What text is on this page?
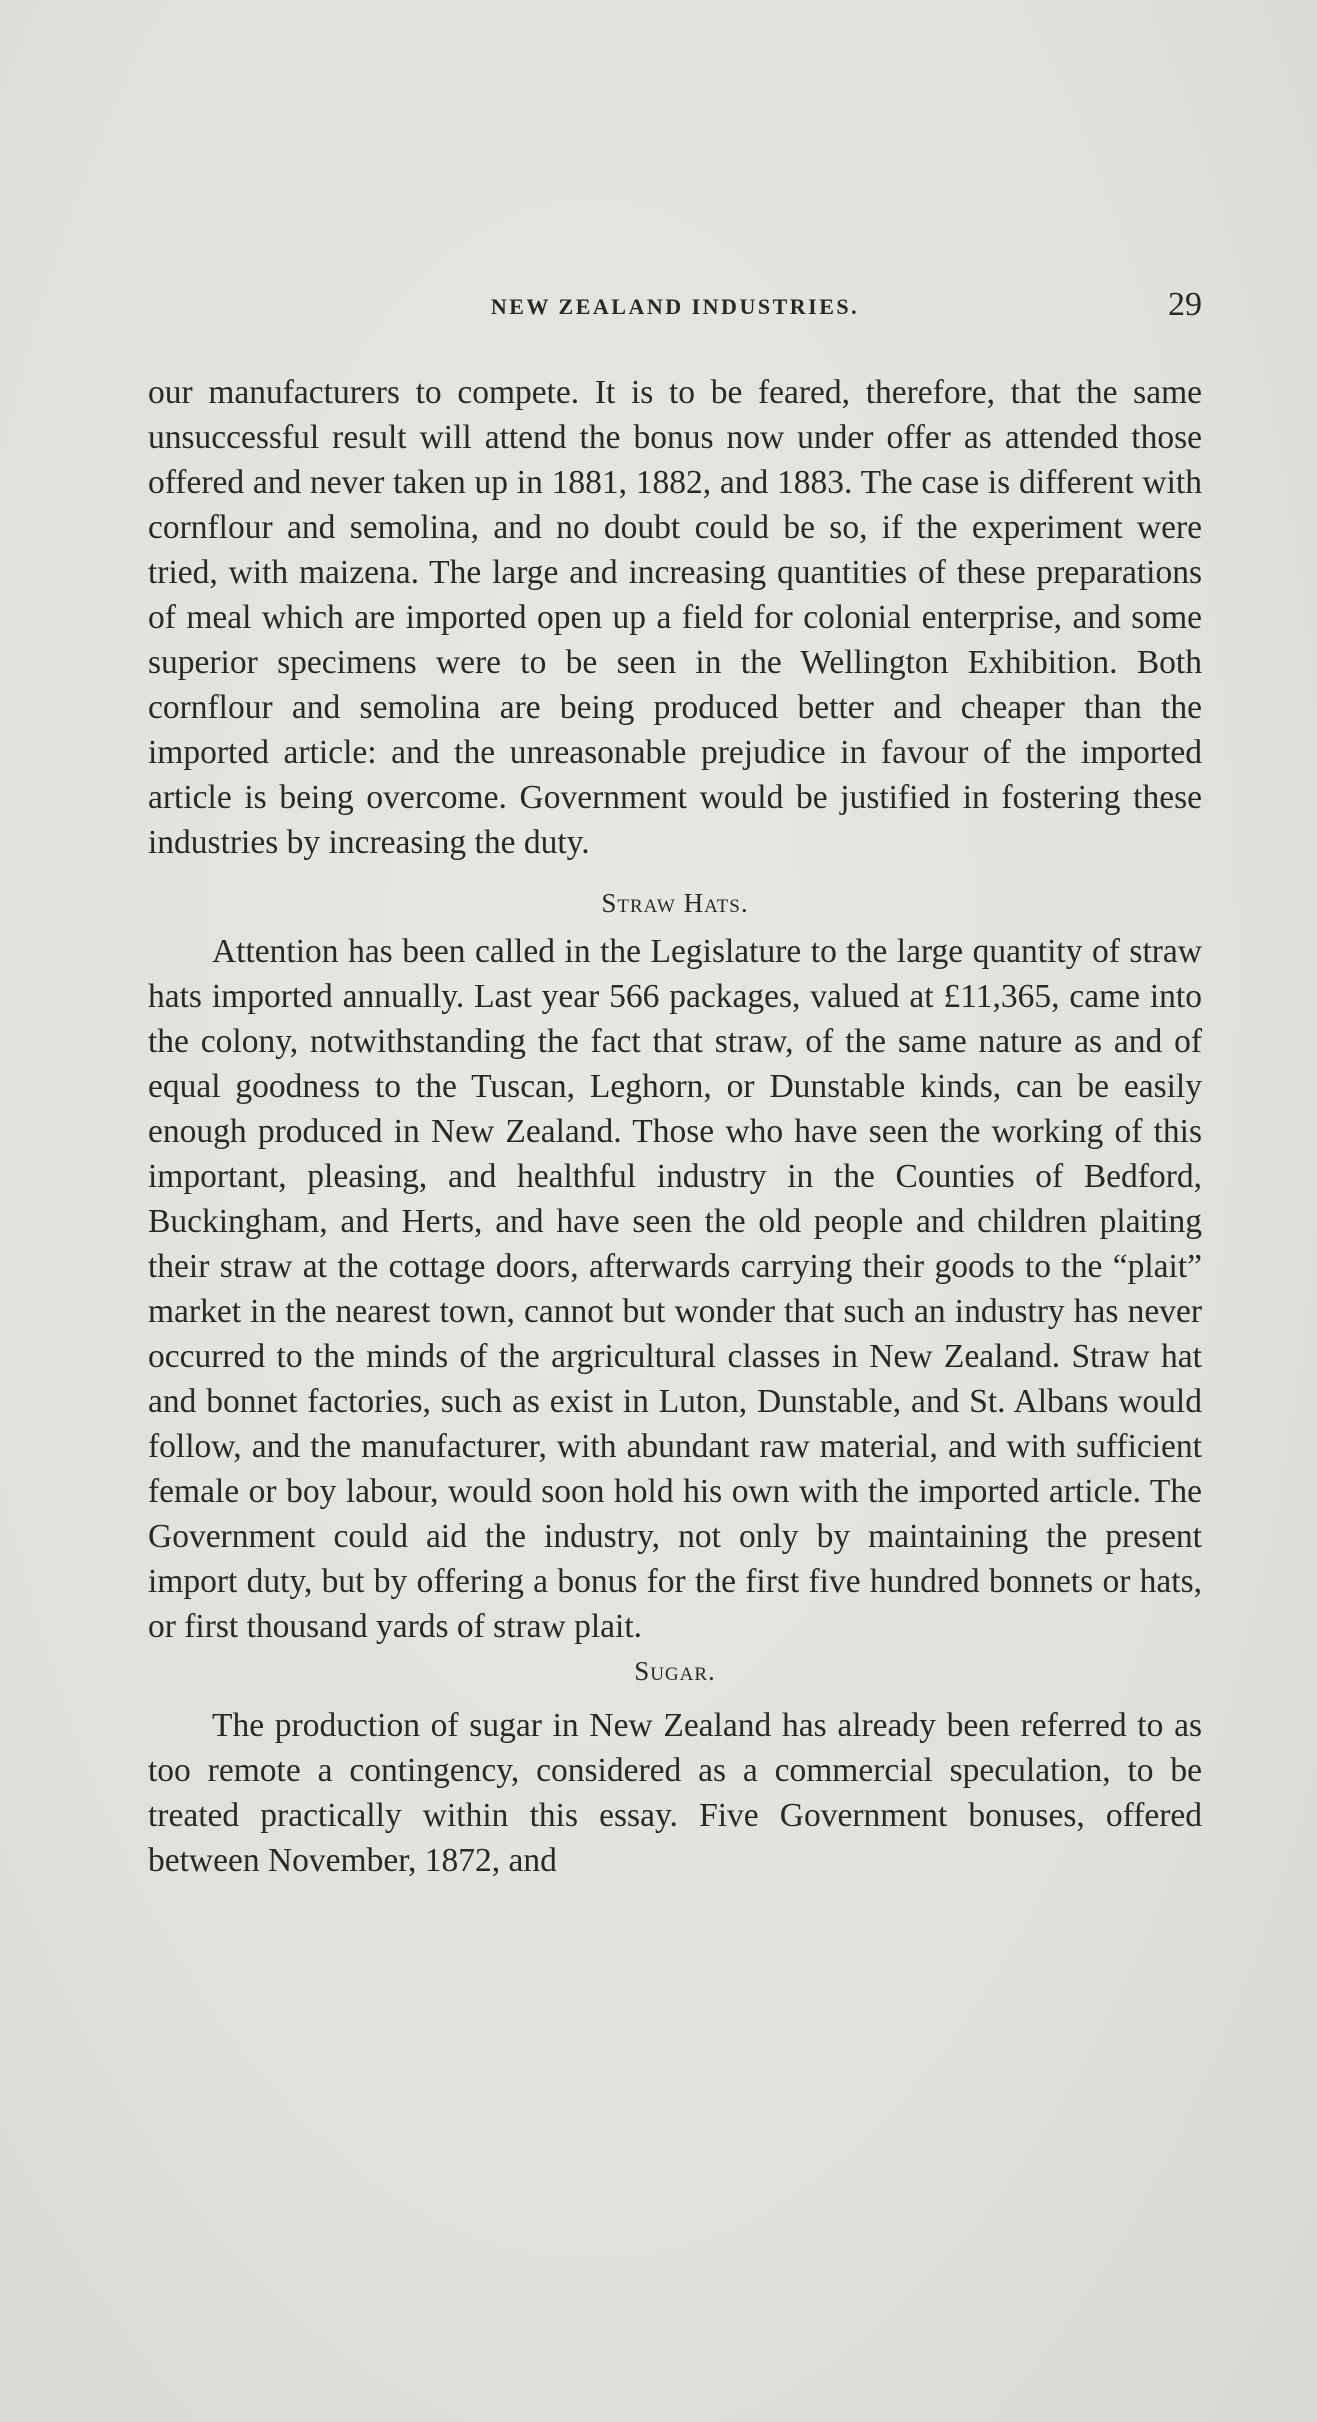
NEW ZEALAND INDUSTRIES.	29

our manufacturers to compete. It is to be feared, therefore, that the same unsuccessful result will attend the bonus now under offer as attended those offered and never taken up in 1881, 1882, and 1883. The case is different with cornflour and semolina, and no doubt could be so, if the experiment were tried, with maizena. The large and increasing quantities of these preparations of meal which are imported open up a field for colonial enterprise, and some superior specimens were to be seen in the Wellington Exhibition. Both cornflour and semolina are being produced better and cheaper than the imported article: and the unreasonable prejudice in favour of the imported article is being overcome. Government would be justified in fostering these industries by increasing the duty.

Straw Hats.

Attention has been called in the Legislature to the large quantity of straw hats imported annually. Last year 566 packages, valued at £11,365, came into the colony, notwithstanding the fact that straw, of the same nature as and of equal goodness to the Tuscan, Leghorn, or Dunstable kinds, can be easily enough produced in New Zealand. Those who have seen the working of this important, pleasing, and healthful industry in the Counties of Bedford, Buckingham, and Herts, and have seen the old people and children plaiting their straw at the cottage doors, afterwards carrying their goods to the “plait” market in the nearest town, cannot but wonder that such an industry has never occurred to the minds of the argricultural classes in New Zealand. Straw hat and bonnet factories, such as exist in Luton, Dunstable, and St. Albans would follow, and the manufacturer, with abundant raw material, and with sufficient female or boy labour, would soon hold his own with the imported article. The Government could aid the industry, not only by maintaining the present import duty, but by offering a bonus for the first five hundred bonnets or hats, or first thousand yards of straw plait.

Sugar.

The production of sugar in New Zealand has already been referred to as too remote a contingency, considered as a commercial speculation, to be treated practically within this essay. Five Government bonuses, offered between November, 1872, and
